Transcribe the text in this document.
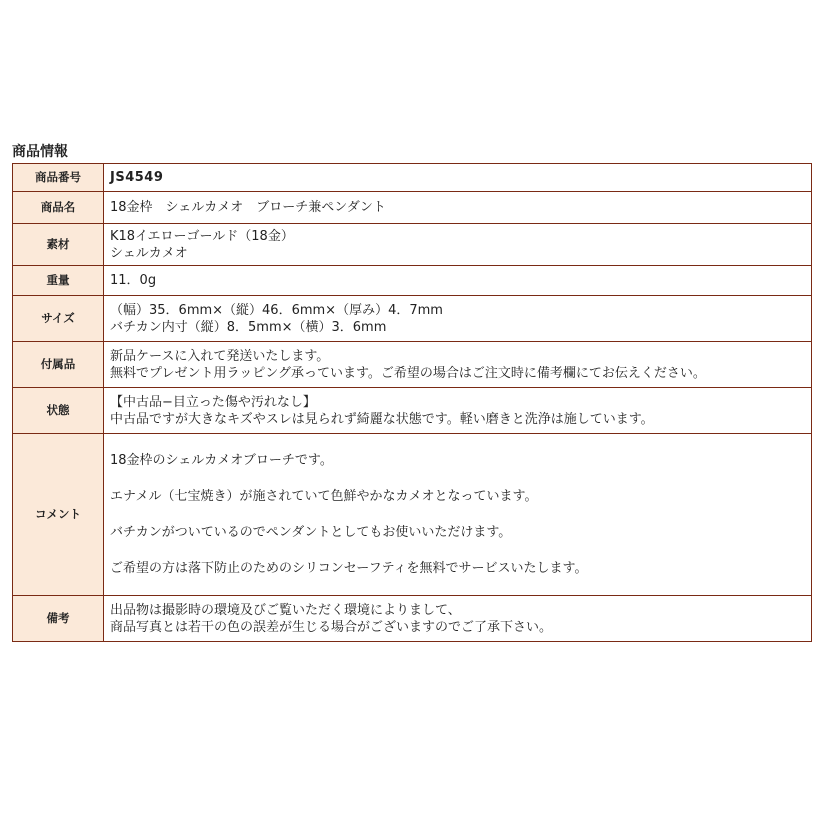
商品情報
商品番号	JS4549

商品名	18金枠　シェルカメオ　ブローチ兼ペンダント

素材	K18イエローゴールド（18金）
シェルカメオ

重量	11．0g

サイズ	（幅）35．6mm×（縦）46．6mm×（厚み）4．7mm
バチカン内寸（縦）8．5mm×（横）3．6mm

付属品	新品ケースに入れて発送いたします。
無料でプレゼント用ラッピング承っています。ご希望の場合はご注文時に備考欄にてお伝えください。

状態	【中古品−目立った傷や汚れなし】
中古品ですが大きなキズやスレは見られず綺麗な状態です。軽い磨きと洗浄は施しています。

コメント	18金枠のシェルカメオブローチです。
エナメル（七宝焼き）が施されていて色鮮やかなカメオとなっています。
バチカンがついているのでペンダントとしてもお使いいただけます。
ご希望の方は落下防止のためのシリコンセーフティを無料でサービスいたします。

備考	出品物は撮影時の環境及びご覧いただく環境によりまして、
商品写真とは若干の色の誤差が生じる場合がございますのでご了承下さい。
